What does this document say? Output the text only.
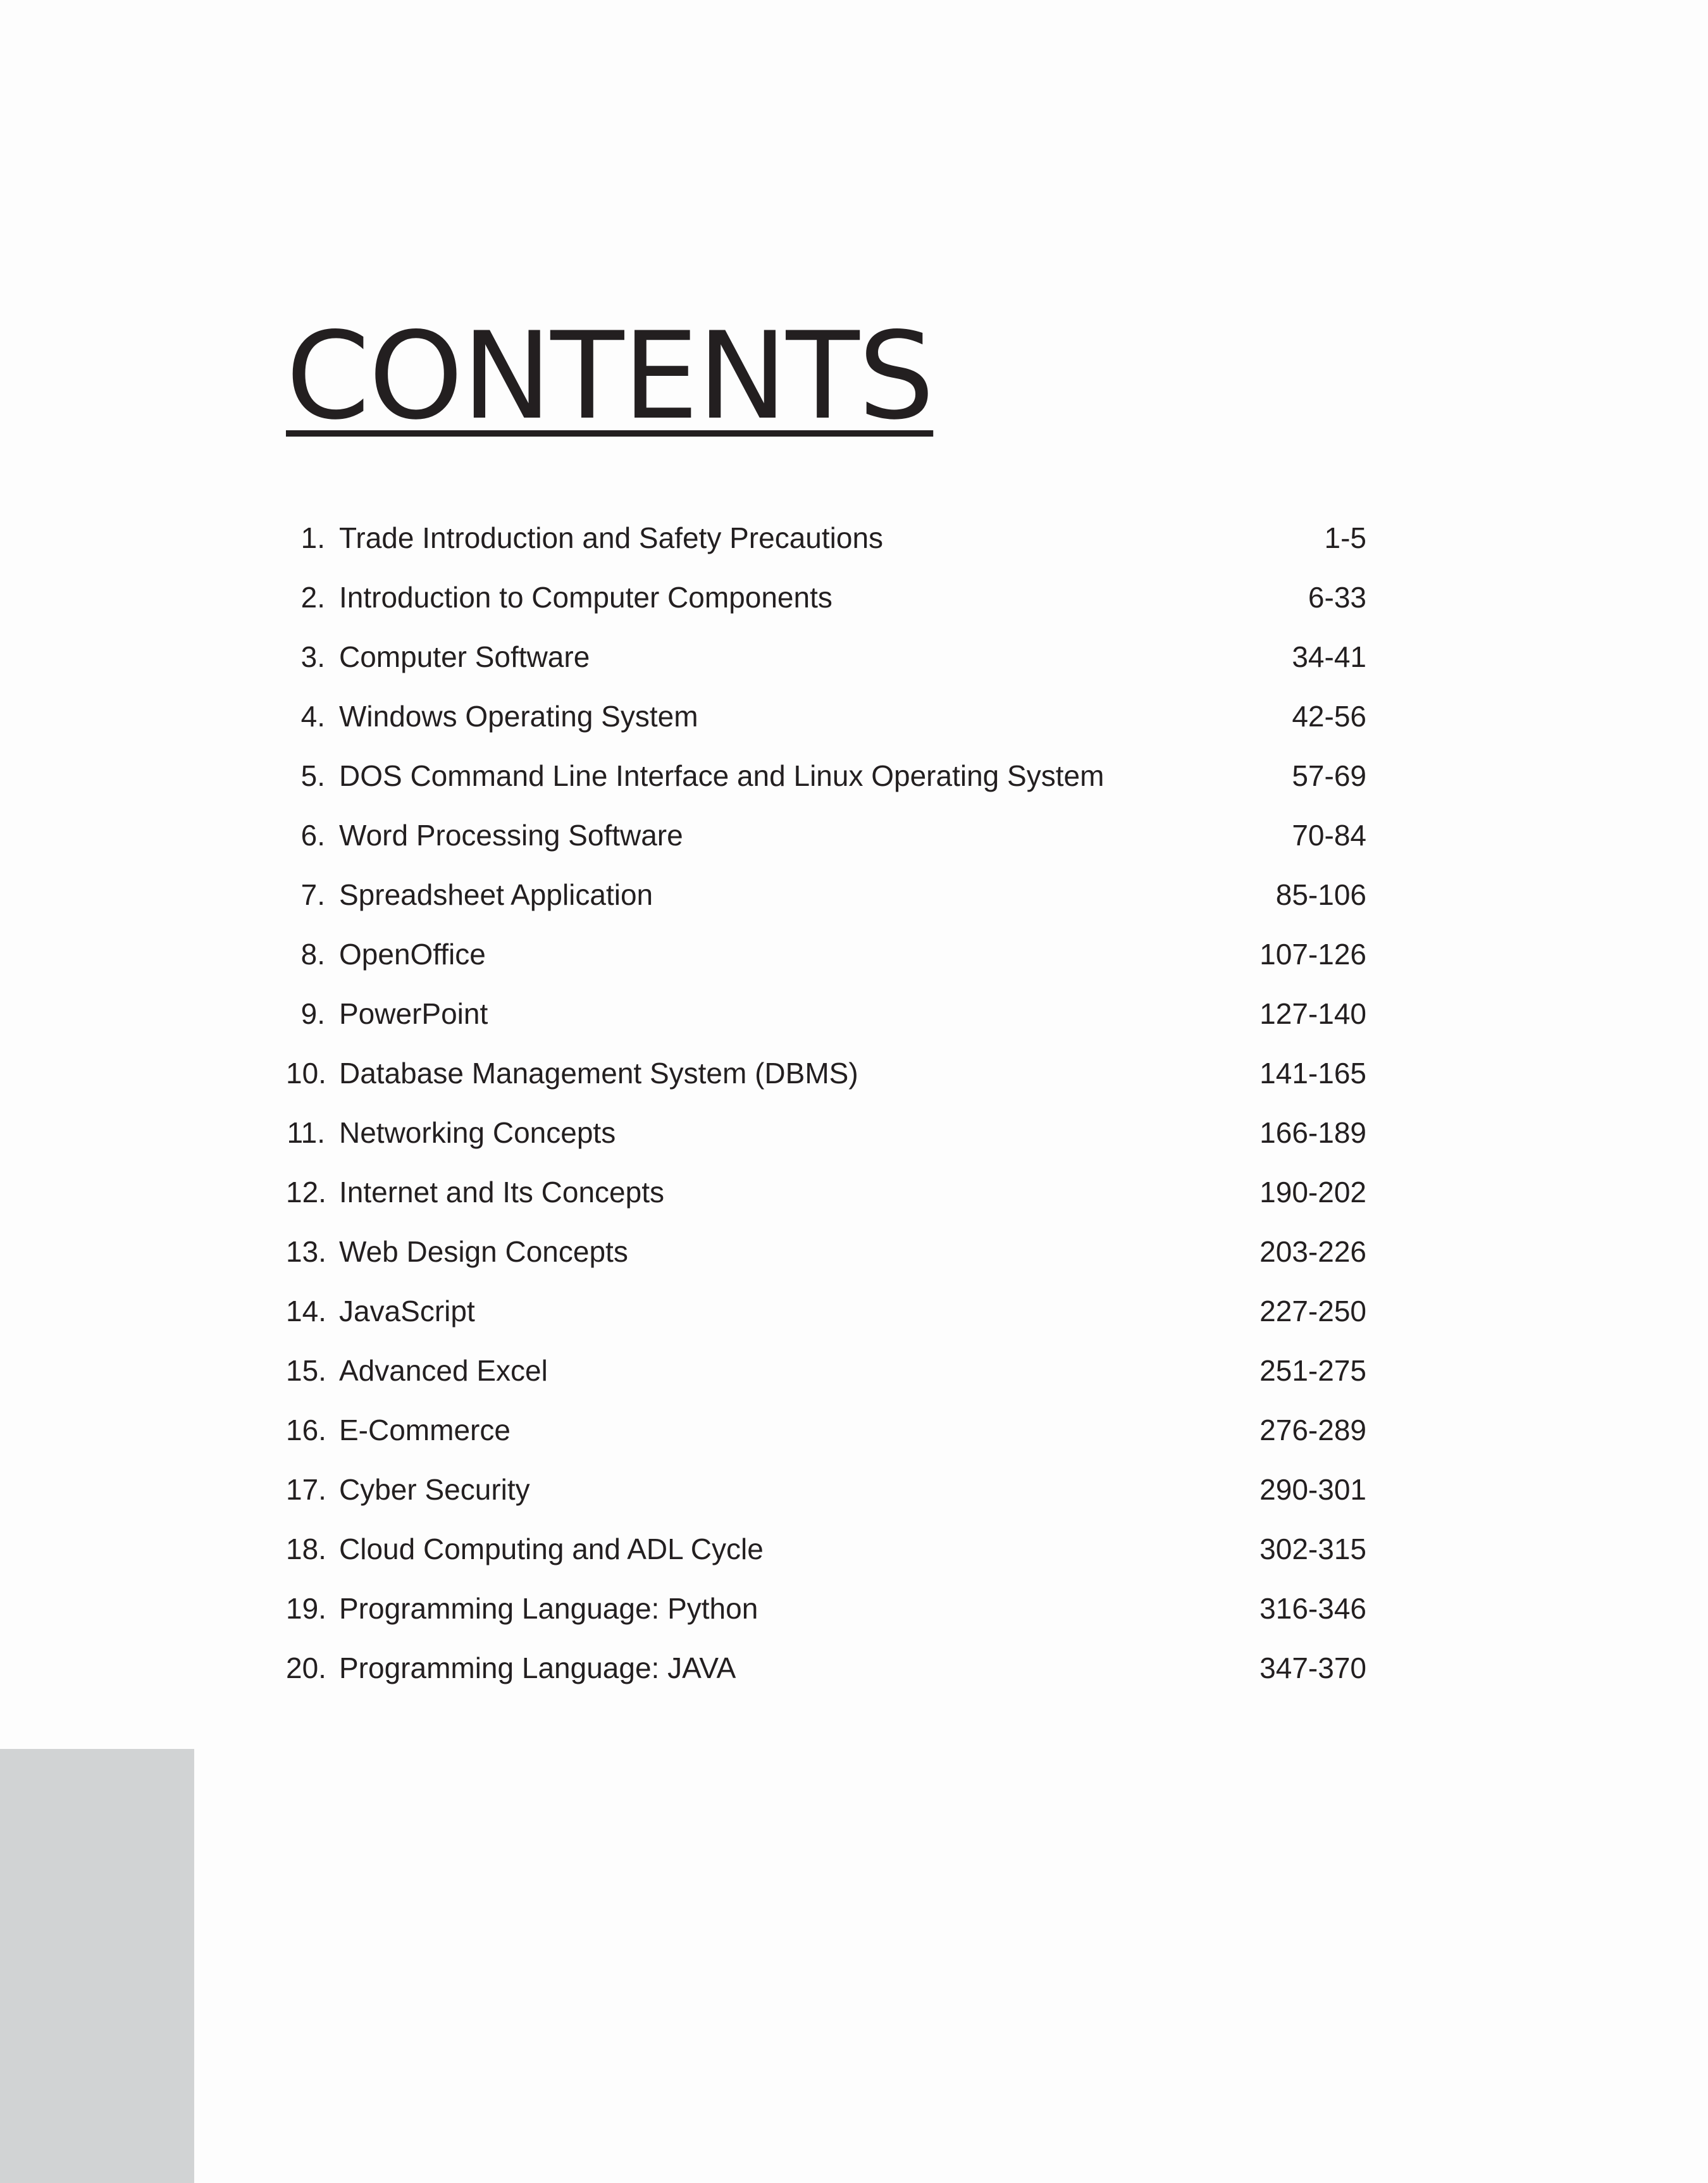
CONTENTS
1. Trade Introduction and Safety Precautions	1-5
2. Introduction to Computer Components	6-33
3. Computer Software	34-41
4. Windows Operating System	42-56
5. DOS Command Line Interface and Linux Operating System	57-69
6. Word Processing Software	70-84
7. Spreadsheet Application	85-106
8. OpenOffice	107-126
9. PowerPoint	127-140
10. Database Management System (DBMS)	141-165
11. Networking Concepts	166-189
12. Internet and Its Concepts	190-202
13. Web Design Concepts	203-226
14. JavaScript	227-250
15. Advanced Excel	251-275
16. E-Commerce	276-289
17. Cyber Security	290-301
18. Cloud Computing and ADL Cycle	302-315
19. Programming Language: Python	316-346
20. Programming Language: JAVA	347-370
